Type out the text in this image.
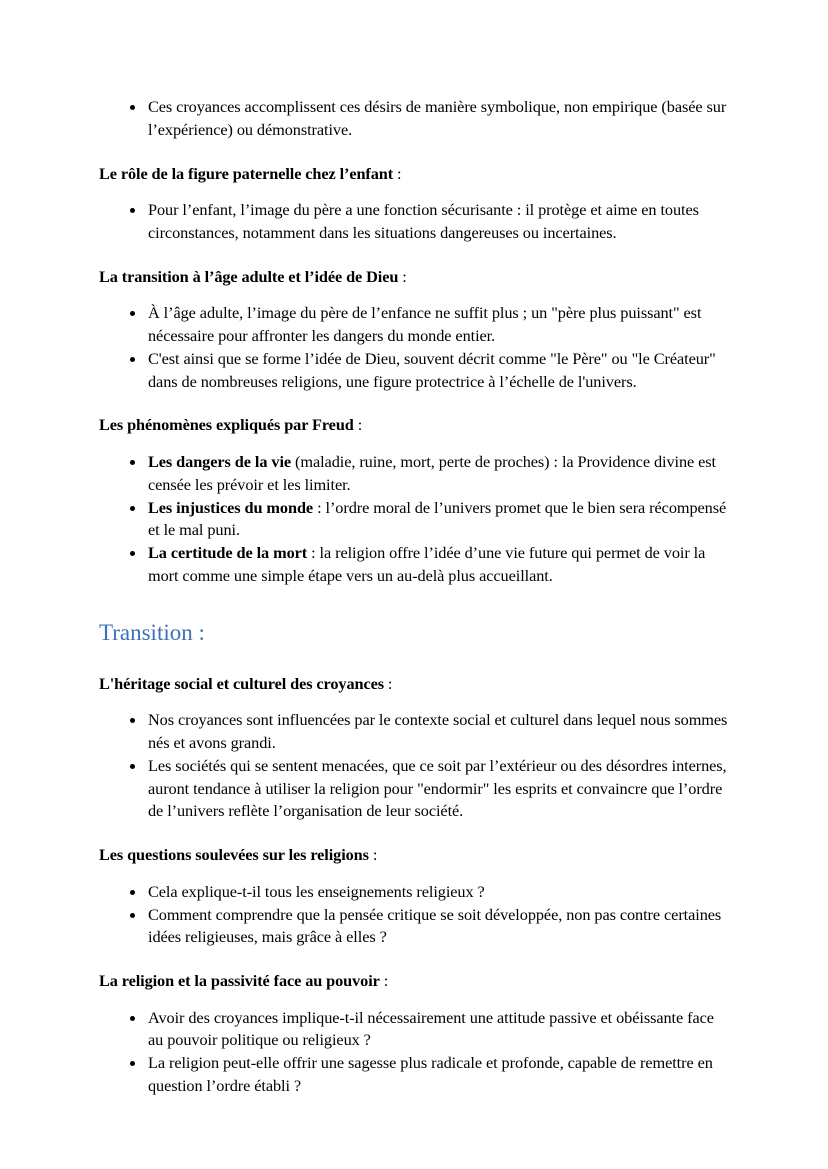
Ces croyances accomplissent ces désirs de manière symbolique, non empirique (basée sur l’expérience) ou démonstrative.

Le rôle de la figure paternelle chez l’enfant :

Pour l’enfant, l’image du père a une fonction sécurisante : il protège et aime en toutes circonstances, notamment dans les situations dangereuses ou incertaines.

La transition à l’âge adulte et l’idée de Dieu :

À l’âge adulte, l’image du père de l’enfance ne suffit plus ; un "père plus puissant" est nécessaire pour affronter les dangers du monde entier.
C'est ainsi que se forme l’idée de Dieu, souvent décrit comme "le Père" ou "le Créateur" dans de nombreuses religions, une figure protectrice à l’échelle de l'univers.

Les phénomènes expliqués par Freud :

Les dangers de la vie (maladie, ruine, mort, perte de proches) : la Providence divine est censée les prévoir et les limiter.
Les injustices du monde : l’ordre moral de l’univers promet que le bien sera récompensé et le mal puni.
La certitude de la mort : la religion offre l’idée d’une vie future qui permet de voir la mort comme une simple étape vers un au-delà plus accueillant.

Transition :

L'héritage social et culturel des croyances :

Nos croyances sont influencées par le contexte social et culturel dans lequel nous sommes nés et avons grandi.
Les sociétés qui se sentent menacées, que ce soit par l’extérieur ou des désordres internes, auront tendance à utiliser la religion pour "endormir" les esprits et convaincre que l’ordre de l’univers reflète l’organisation de leur société.

Les questions soulevées sur les religions :

Cela explique-t-il tous les enseignements religieux ?
Comment comprendre que la pensée critique se soit développée, non pas contre certaines idées religieuses, mais grâce à elles ?

La religion et la passivité face au pouvoir :

Avoir des croyances implique-t-il nécessairement une attitude passive et obéissante face au pouvoir politique ou religieux ?
La religion peut-elle offrir une sagesse plus radicale et profonde, capable de remettre en question l’ordre établi ?
